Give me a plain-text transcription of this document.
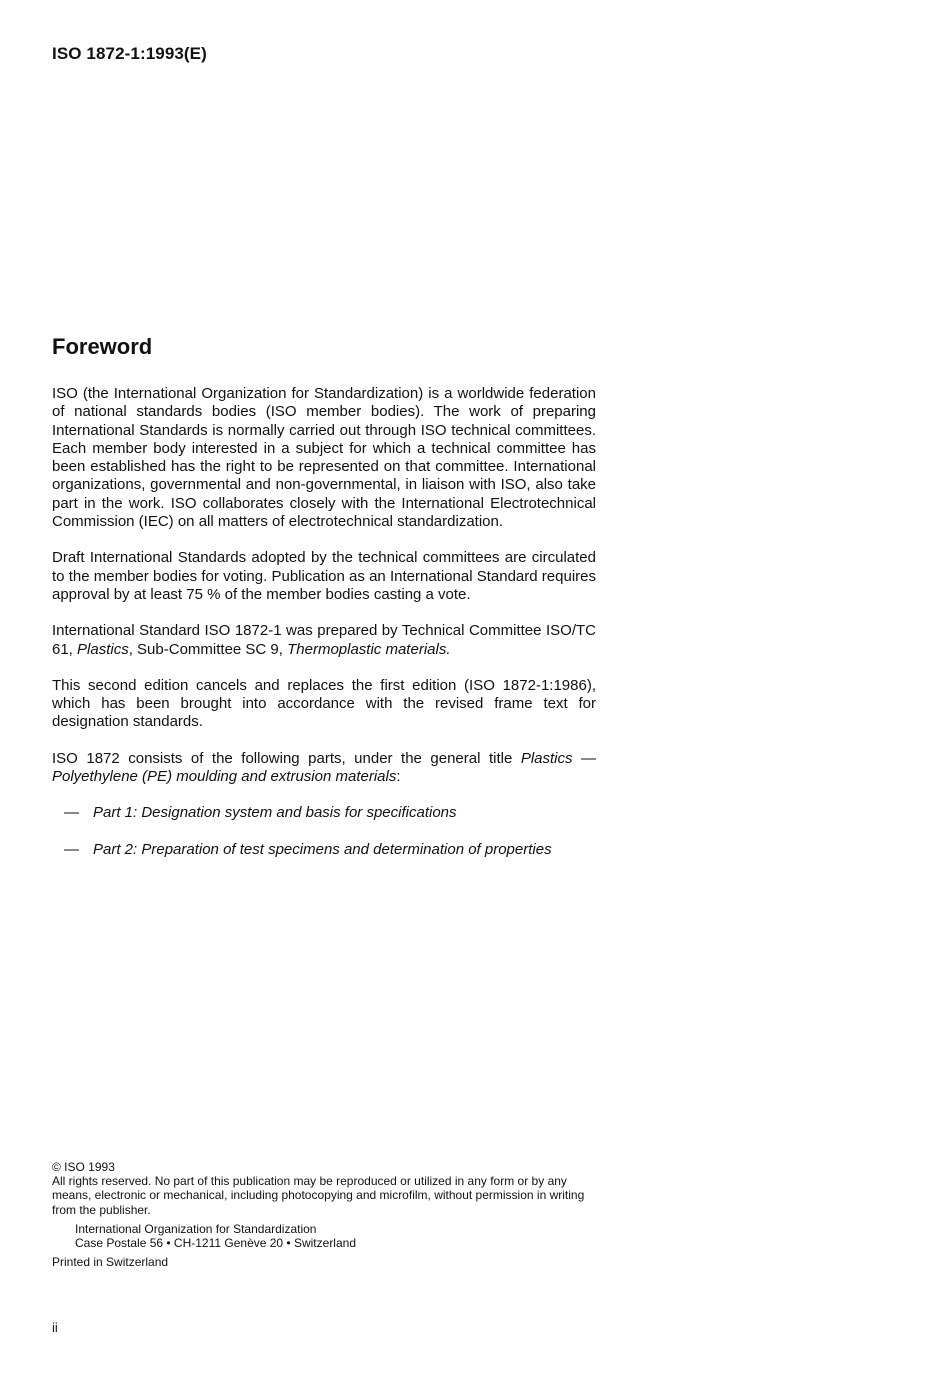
ISO 1872-1:1993(E)
Foreword

ISO (the International Organization for Standardization) is a worldwide federation of national standards bodies (ISO member bodies). The work of preparing International Standards is normally carried out through ISO technical committees. Each member body interested in a subject for which a technical committee has been established has the right to be represented on that committee. International organizations, governmental and non-governmental, in liaison with ISO, also take part in the work. ISO collaborates closely with the International Electrotechnical Commission (IEC) on all matters of electrotechnical standardization.

Draft International Standards adopted by the technical committees are circulated to the member bodies for voting. Publication as an International Standard requires approval by at least 75 % of the member bodies casting a vote.

International Standard ISO 1872-1 was prepared by Technical Committee ISO/TC 61, Plastics, Sub-Committee SC 9, Thermoplastic materials.

This second edition cancels and replaces the first edition (ISO 1872-1:1986), which has been brought into accordance with the revised frame text for designation standards.

ISO 1872 consists of the following parts, under the general title Plastics — Polyethylene (PE) moulding and extrusion materials:

— Part 1: Designation system and basis for specifications
— Part 2: Preparation of test specimens and determination of properties

© ISO 1993

All rights reserved. No part of this publication may be reproduced or utilized in any form or by any means, electronic or mechanical, including photocopying and microfilm, without permission in writing from the publisher.

International Organization for Standardization

Case Postale 56 • CH-1211 Genève 20 • Switzerland

Printed in Switzerland

ii
